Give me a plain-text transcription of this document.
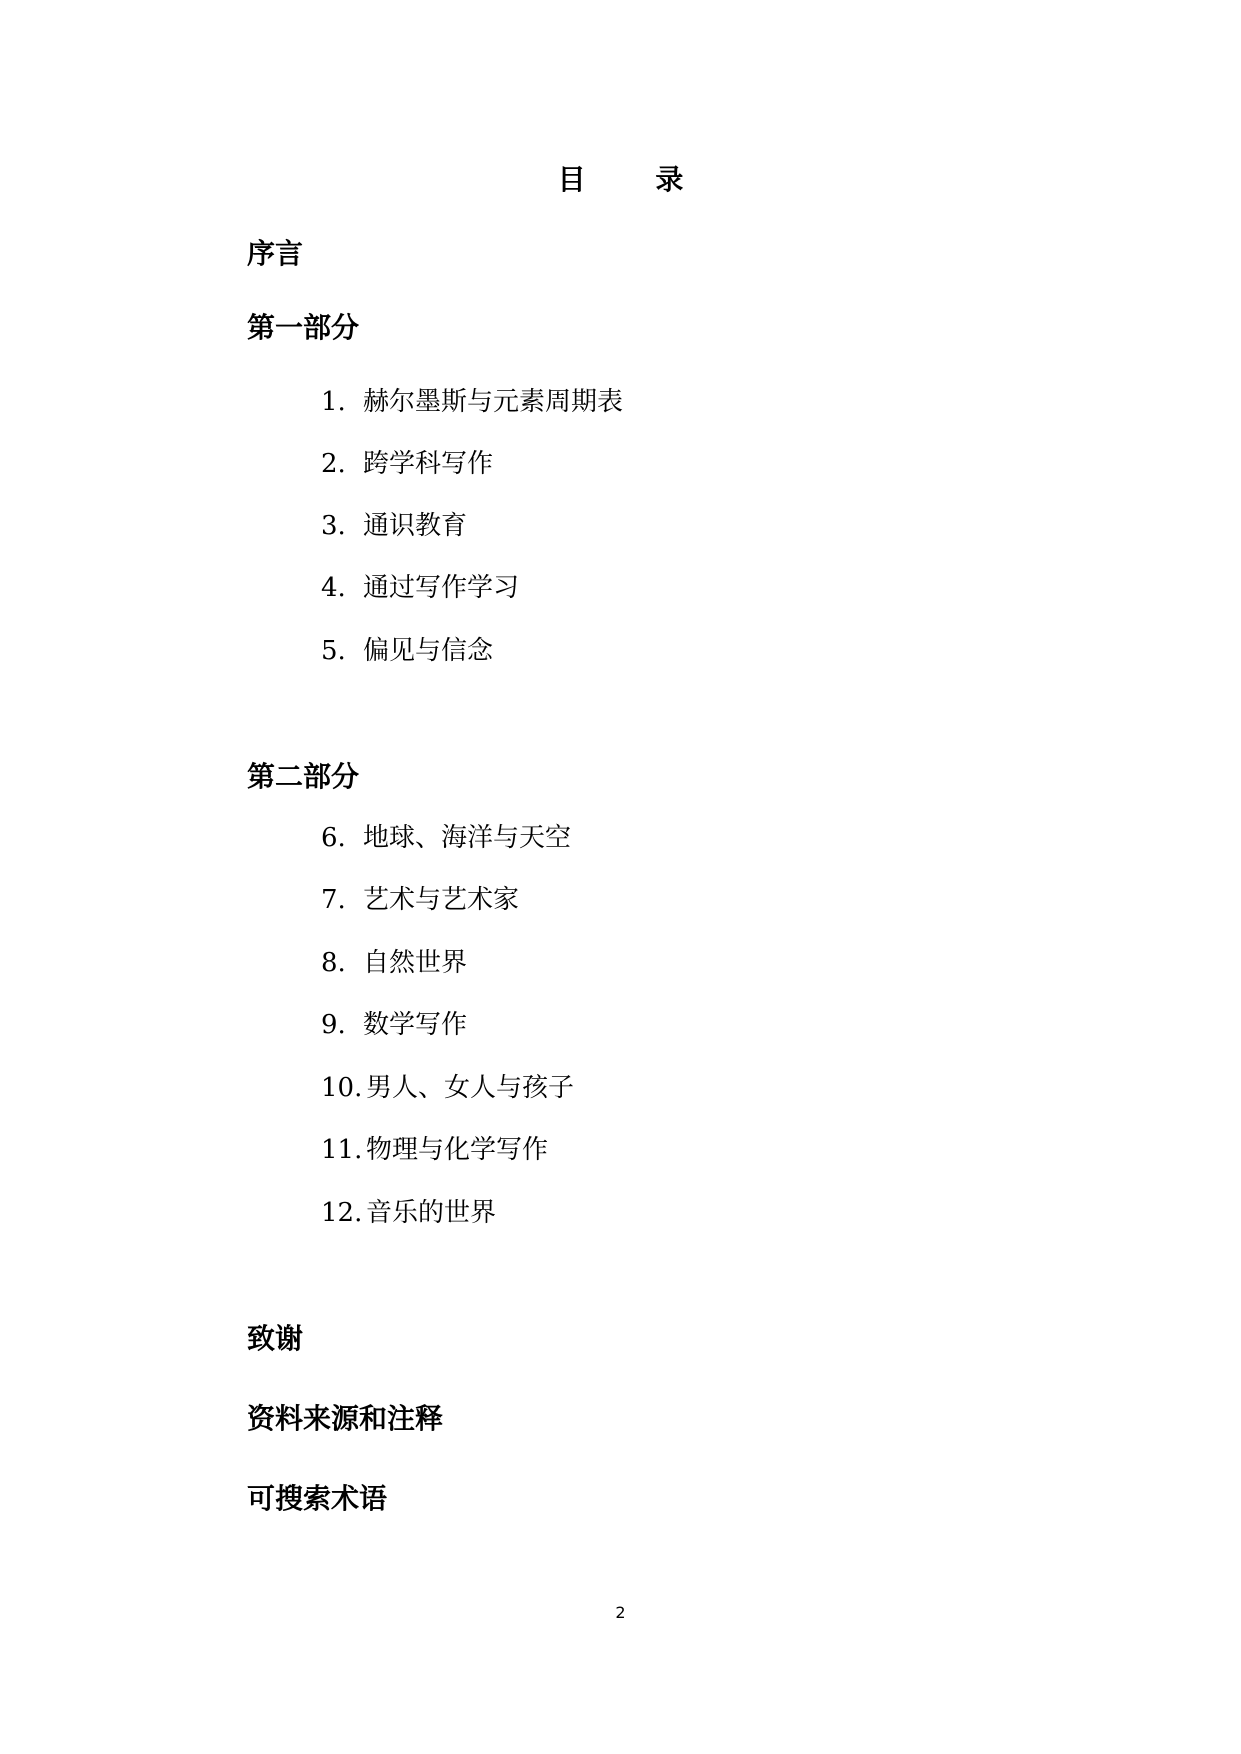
目 录
序言
第一部分
1. 赫尔墨斯与元素周期表
2. 跨学科写作
3. 通识教育
4. 通过写作学习
5. 偏见与信念
第二部分
6. 地球、海洋与天空
7. 艺术与艺术家
8. 自然世界
9. 数学写作
10. 男人、女人与孩子
11. 物理与化学写作
12. 音乐的世界
致谢
资料来源和注释
可搜索术语
2
